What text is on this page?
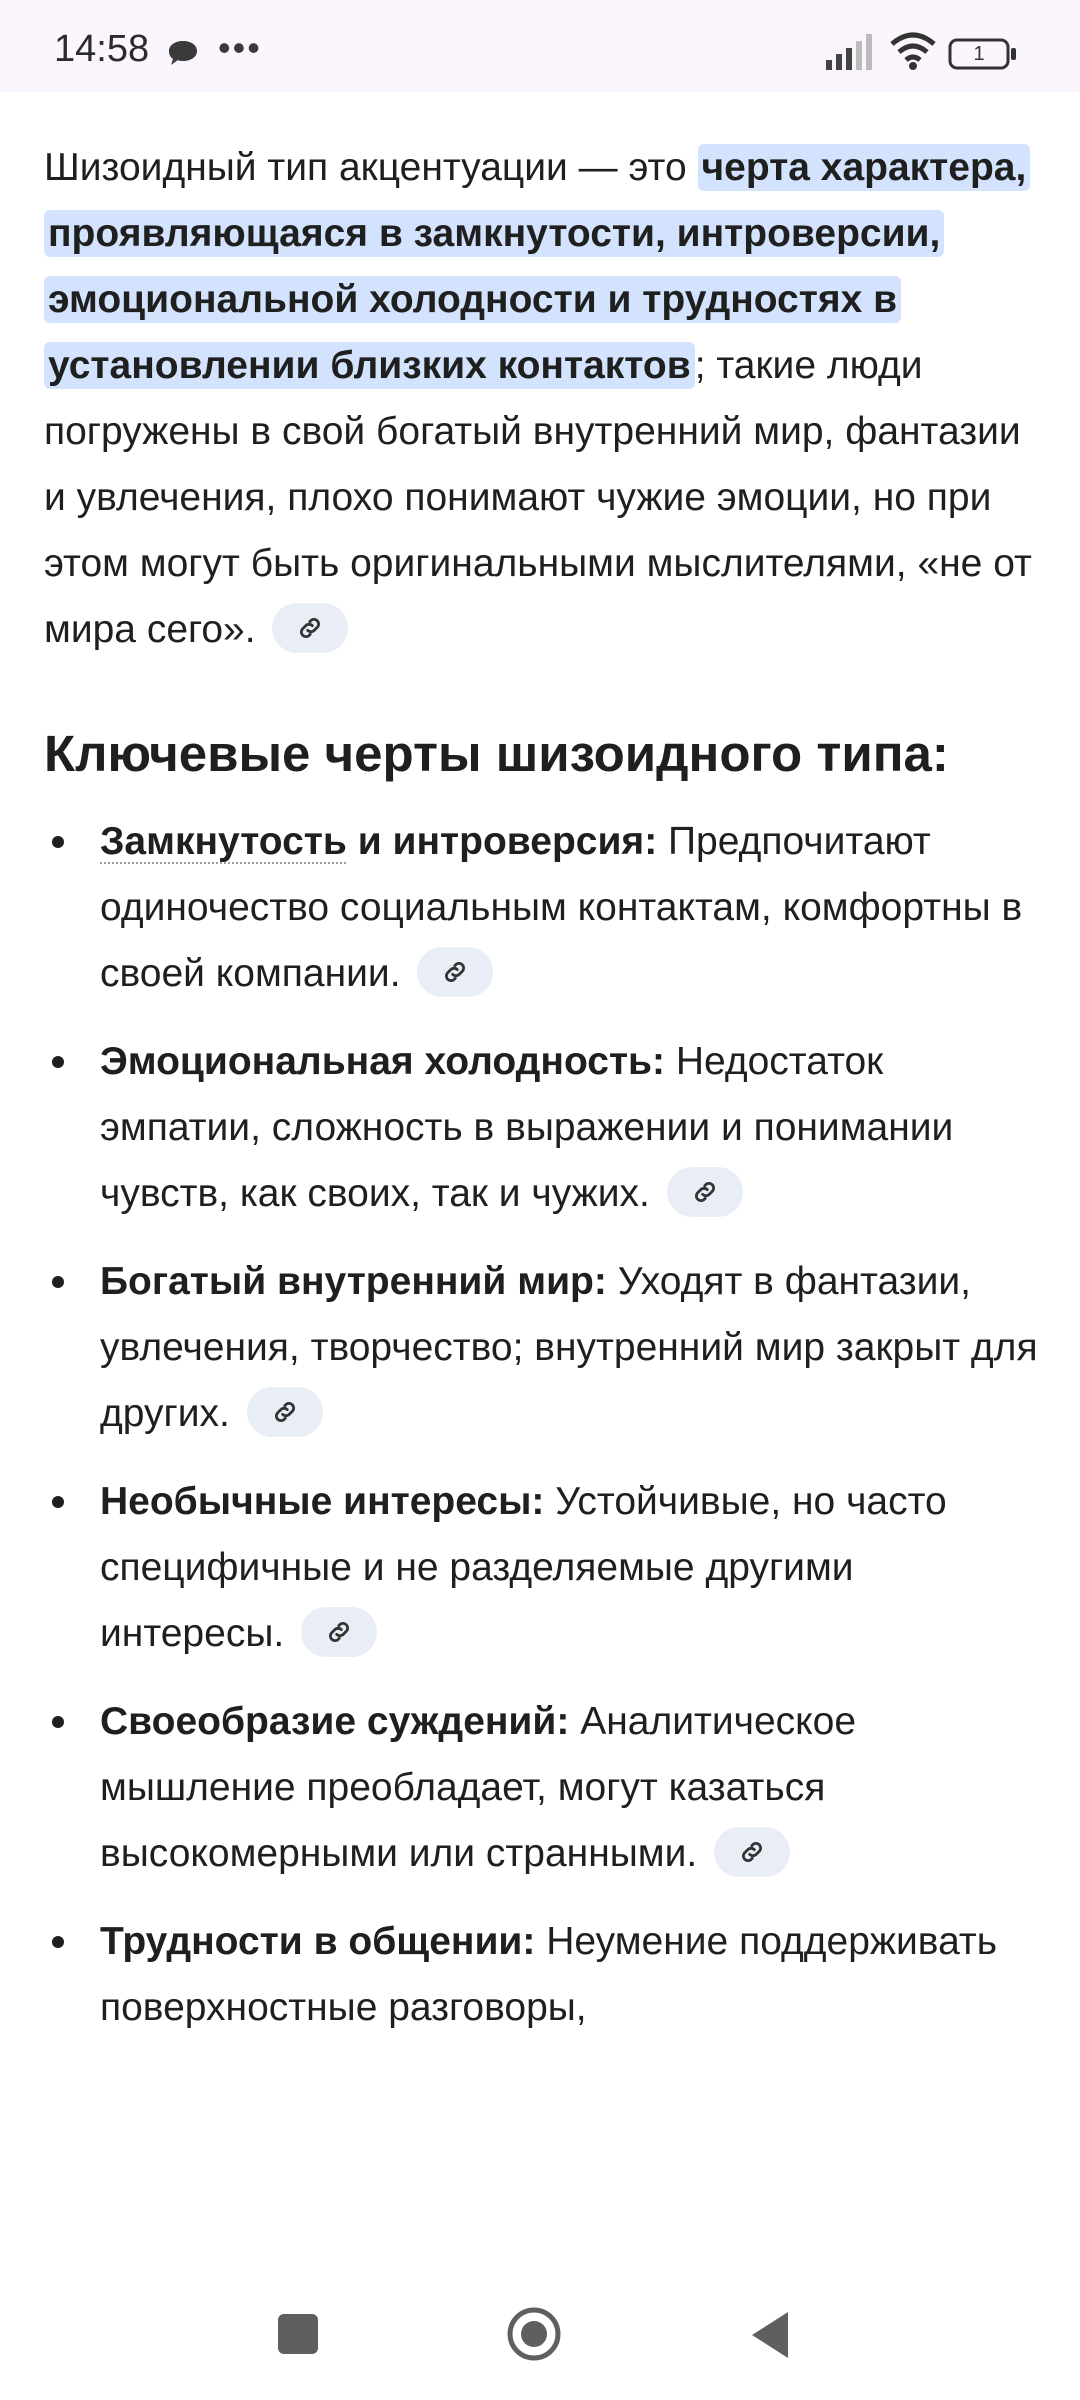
14:58 •••	1

Шизоидный тип акцентуации — это черта характера, проявляющаяся в замкнутости, интроверсии, эмоциональной холодности и трудностях в установлении близких контактов ; такие люди погружены в свой богатый внутренний мир, фантазии и увлечения, плохо понимают чужие эмоции, но при этом могут быть оригинальными мыслителями, «не от мира сего».

Ключевые черты шизоидного типа:
Замкнутость и интроверсия: Предпочитают одиночество социальным контактам, комфортны в своей компании.
Эмоциональная холодность: Недостаток эмпатии, сложность в выражении и понимании чувств, как своих, так и чужих.
Богатый внутренний мир: Уходят в фантазии, увлечения, творчество; внутренний мир закрыт для других.
Необычные интересы: Устойчивые, но часто специфичные и не разделяемые другими интересы.
Своеобразие суждений: Аналитическое мышление преобладает, могут казаться высокомерными или странными.
Трудности в общении: Неумение поддерживать поверхностные разговоры,
